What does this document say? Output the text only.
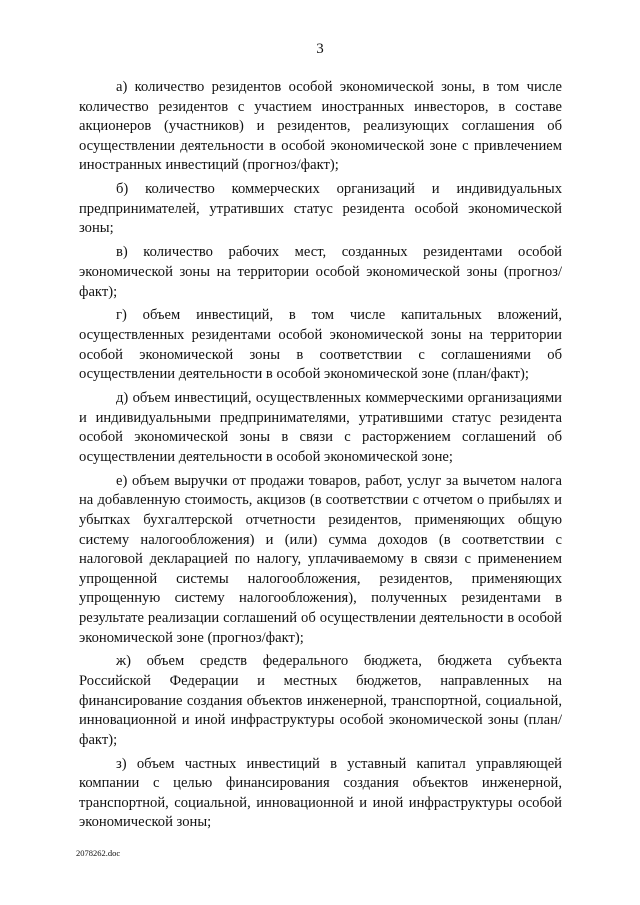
3

а) количество резидентов особой экономической зоны, в том числе количество резидентов с участием иностранных инвесторов, в составе акционеров (участников) и резидентов, реализующих соглашения об осуществлении деятельности в особой экономической зоне с привлечением иностранных инвестиций (прогноз/факт);

б) количество коммерческих организаций и индивидуальных предпринимателей, утративших статус резидента особой экономической зоны;

в) количество рабочих мест, созданных резидентами особой экономической зоны на территории особой экономической зоны (прогноз/факт);

г) объем инвестиций, в том числе капитальных вложений, осуществленных резидентами особой экономической зоны на территории особой экономической зоны в соответствии с соглашениями об осуществлении деятельности в особой экономической зоне (план/факт);

д) объем инвестиций, осуществленных коммерческими организациями и индивидуальными предпринимателями, утратившими статус резидента особой экономической зоны в связи с расторжением соглашений об осуществлении деятельности в особой экономической зоне;

е) объем выручки от продажи товаров, работ, услуг за вычетом налога на добавленную стоимость, акцизов (в соответствии с отчетом о прибылях и убытках бухгалтерской отчетности резидентов, применяющих общую систему налогообложения) и (или) сумма доходов (в соответствии с налоговой декларацией по налогу, уплачиваемому в связи с применением упрощенной системы налогообложения, резидентов, применяющих упрощенную систему налогообложения), полученных резидентами в результате реализации соглашений об осуществлении деятельности в особой экономической зоне (прогноз/факт);

ж) объем средств федерального бюджета, бюджета субъекта Российской Федерации и местных бюджетов, направленных на финансирование создания объектов инженерной, транспортной, социальной, инновационной и иной инфраструктуры особой экономической зоны (план/факт);

з) объем частных инвестиций в уставный капитал управляющей компании с целью финансирования создания объектов инженерной, транспортной, социальной, инновационной и иной инфраструктуры особой экономической зоны;

2078262.doc
